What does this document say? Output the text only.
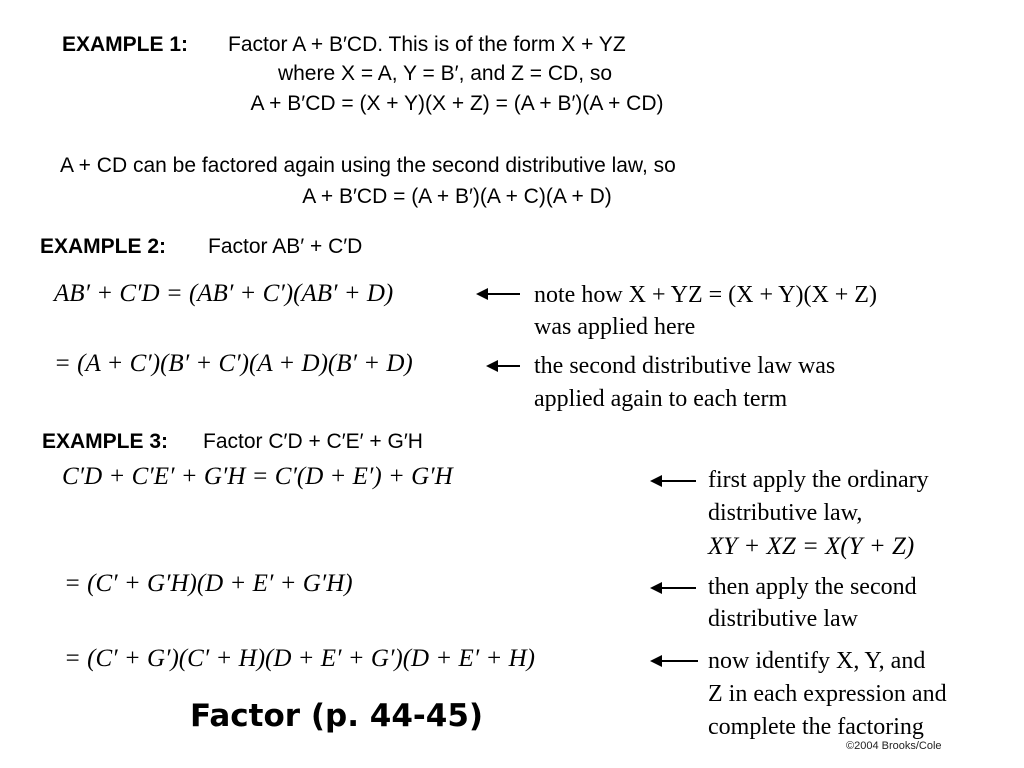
EXAMPLE 1: Factor A + B′CD. This is of the form X + YZ
where X = A, Y = B′, and Z = CD, so
A + B′CD = (X + Y)(X + Z) = (A + B′)(A + CD)
A + CD can be factored again using the second distributive law, so
A + B′CD = (A + B′)(A + C)(A + D)
EXAMPLE 2: Factor AB′ + C′D
AB′ + C′D = (AB′ + C′)(AB′ + D)	note how X + YZ = (X + Y)(X + Z)
was applied here
= (A + C′)(B′ + C′)(A + D)(B′ + D)	the second distributive law was
applied again to each term
EXAMPLE 3: Factor C′D + C′E′ + G′H
C′D + C′E′ + G′H = C′(D + E′) + G′H	first apply the ordinary
distributive law,
XY + XZ = X(Y + Z)
= (C′ + G′H)(D + E′ + G′H)	then apply the second
distributive law
= (C′ + G′)(C′ + H)(D + E′ + G′)(D + E′ + H)	now identify X, Y, and
Z in each expression and
complete the factoring
Factor (p. 44-45)
©2004 Brooks/Cole
